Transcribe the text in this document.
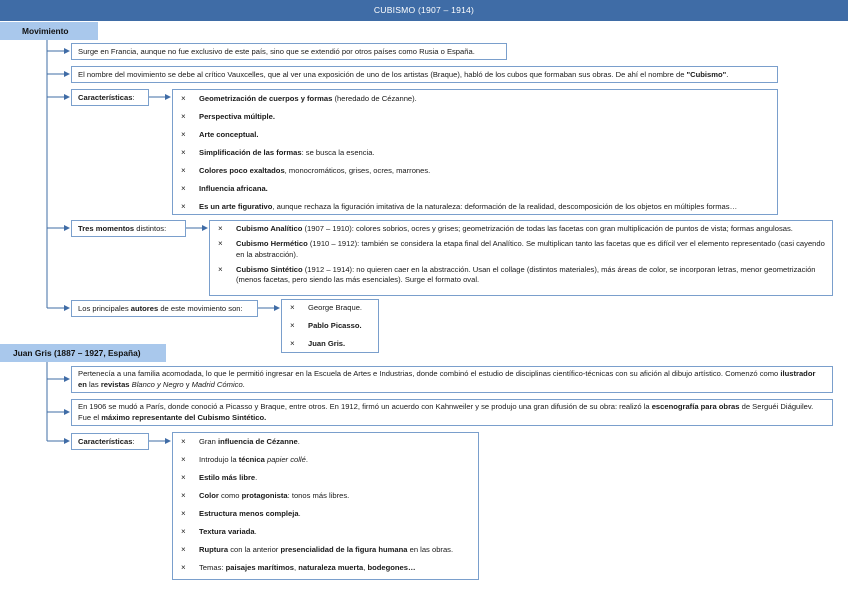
CUBISMO (1907 – 1914)
Movimiento
Surge en Francia, aunque no fue exclusivo de este país, sino que se extendió por otros países como Rusia o España.
El nombre del movimiento se debe al crítico Vauxcelles, que al ver una exposición de uno de los artistas (Braque), habló de los cubos que formaban sus obras. De ahí el nombre de "Cubismo".
Características:	× Geometrización de cuerpos y formas (heredado de Cézanne).
× Perspectiva múltiple.
× Arte conceptual.
× Simplificación de las formas: se busca la esencia.
× Colores poco exaltados, monocromáticos, grises, ocres, marrones.
× Influencia africana.
× Es un arte figurativo, aunque rechaza la figuración imitativa de la naturaleza: deformación de la realidad, descomposición de los objetos en múltiples formas…
Tres momentos distintos:	× Cubismo Analítico (1907 – 1910): colores sobrios, ocres y grises; geometrización de todas las facetas con gran multiplicación de puntos de vista; formas angulosas.
× Cubismo Hermético (1910 – 1912): también se considera la etapa final del Analítico. Se multiplican tanto las facetas que es difícil ver el elemento representado (casi cayendo en la abstracción).
× Cubismo Sintético (1912 – 1914): no quieren caer en la abstracción. Usan el collage (distintos materiales), más áreas de color, se incorporan letras, menor geometrización (menos facetas, pero siendo las más esenciales). Surge el formato oval.
Los principales autores de este movimiento son:	× George Braque.
× Pablo Picasso.
× Juan Gris.
Juan Gris (1887 – 1927, España)
Pertenecía a una familia acomodada, lo que le permitió ingresar en la Escuela de Artes e Industrias, donde combinó el estudio de disciplinas científico-técnicas con su afición al dibujo artístico. Comenzó como ilustrador en las revistas Blanco y Negro y Madrid Cómico.
En 1906 se mudó a París, donde conoció a Picasso y Braque, entre otros. En 1912, firmó un acuerdo con Kahnweiler y se produjo una gran difusión de su obra: realizó la escenografía para obras de Serguéi Diáguilev. Fue el máximo representante del Cubismo Sintético.
Características:	× Gran influencia de Cézanne.
× Introdujo la técnica papier collé.
× Estilo más libre.
× Color como protagonista: tonos más libres.
× Estructura menos compleja.
× Textura variada.
× Ruptura con la anterior presencialidad de la figura humana en las obras.
× Temas: paisajes marítimos, naturaleza muerta, bodegones…
